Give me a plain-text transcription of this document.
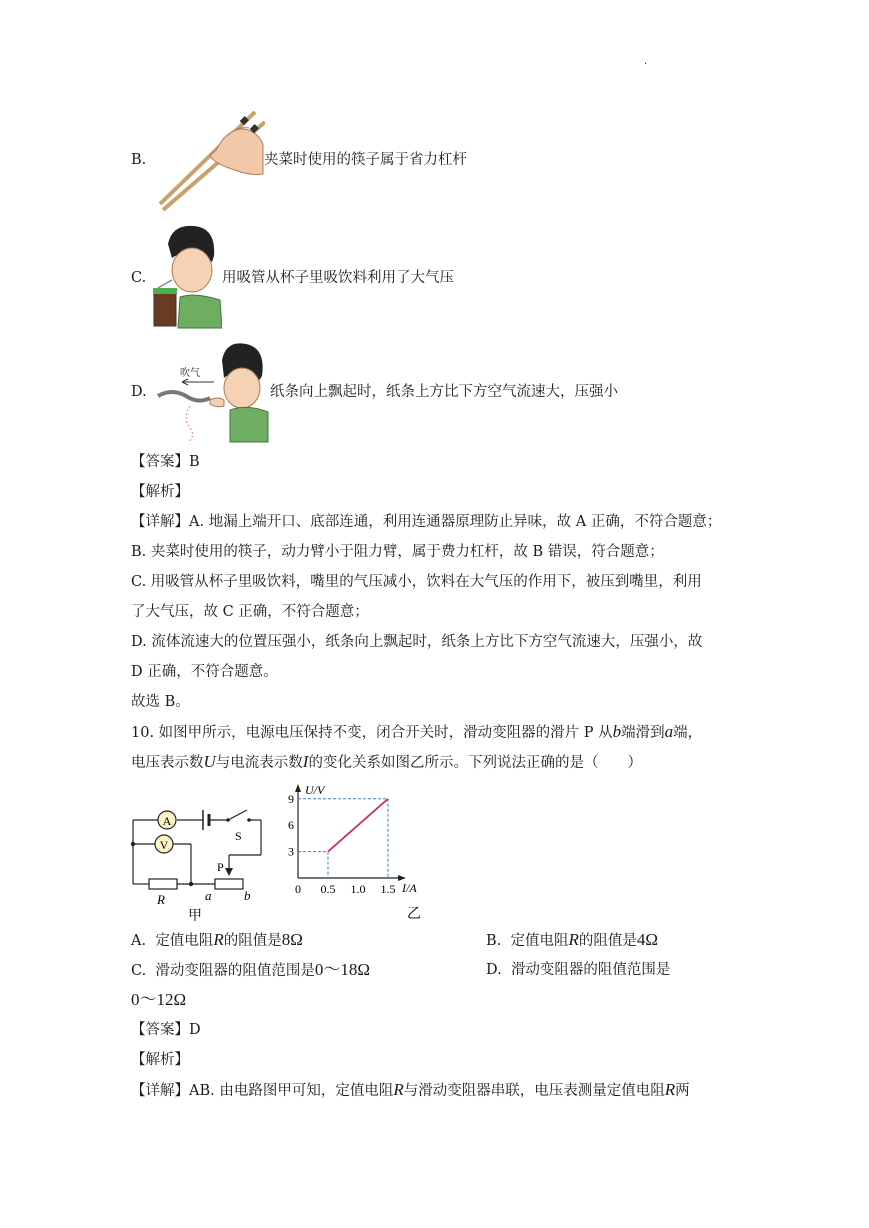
.
B.	夹菜时使用的筷子属于省力杠杆
C.	用吸管从杯子里吸饮料利用了大气压
D.
吹气
纸条向上飘起时，纸条上方比下方空气流速大，压强小
【答案】B
【解析】
【详解】A. 地漏上端开口、底部连通，利用连通器原理防止异味，故 A 正确，不符合题意；
B. 夹菜时使用的筷子，动力臂小于阻力臂，属于费力杠杆，故 B 错误，符合题意；
C. 用吸管从杯子里吸饮料，嘴里的气压减小，饮料在大气压的作用下，被压到嘴里，利用
了大气压，故 C 正确，不符合题意；
D. 流体流速大的位置压强小，纸条向上飘起时，纸条上方比下方空气流速大，压强小，故
D 正确，不符合题意。
故选 B。
10. 如图甲所示，电源电压保持不变，闭合开关时，滑动变阻器的滑片 P 从b端滑到a端，
电压表示数U与电流表示数I的变化关系如图乙所示。下列说法正确的是（　　）
A
V
S
P
R	a	b
甲
U/V
I/A
0 0.5 1.0 1.5
3
6
9
乙
A. 定值电阻R的阻值是8Ω	B. 定值电阻R的阻值是4Ω
C. 滑动变阻器的阻值范围是0～18Ω	D. 滑动变阻器的阻值范围是
0～12Ω
【答案】D
【解析】
【详解】AB. 由电路图甲可知，定值电阻R与滑动变阻器串联，电压表测量定值电阻R两
